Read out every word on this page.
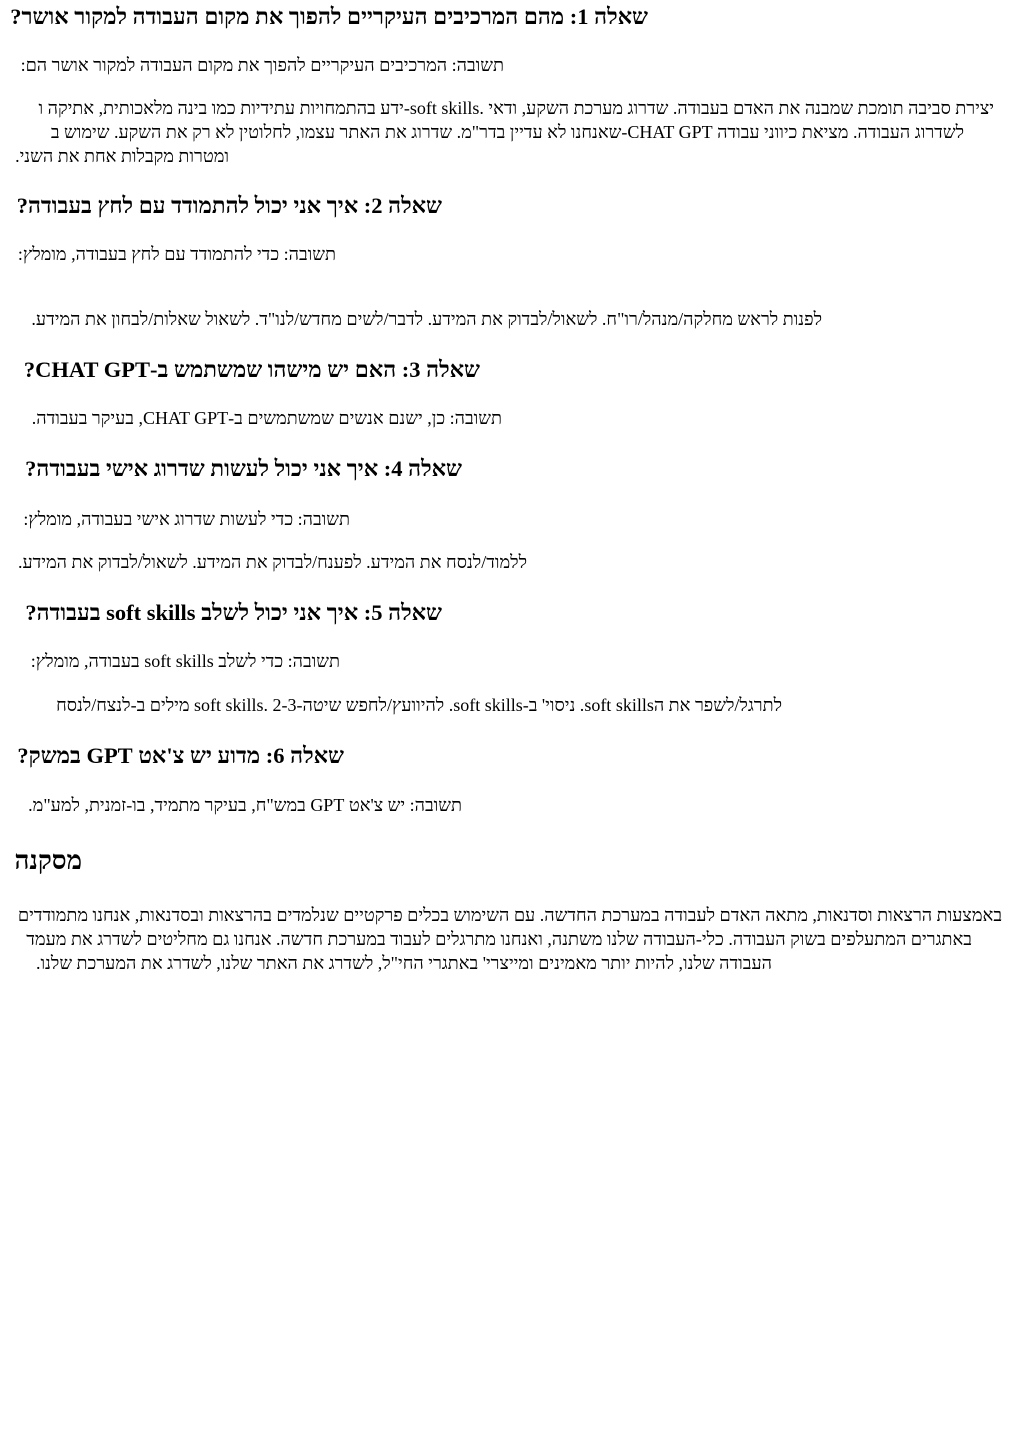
שאלה 1: מהם המרכיבים העיקריים להפוך את מקום העבודה למקור אושר?
תשובה: המרכיבים העיקריים להפוך את מקום העבודה למקור אושר הם:
יצירת סביבה תומכת שמבנה את האדם בעבודה. שדרוג מערכת השקע, ודאי .soft skills-ידע בהתמחויות עתידיות כמו בינה מלאכותית, אתיקה ו
לשדרוג העבודה. מציאת כיווני עבודה CHAT GPT-שאנחנו לא עדיין בדר"מ. שדרוג את האתר עצמו, לחלוטין לא רק את השקע. שימוש ב
ומטרות מקבלות אחת את השני.
שאלה 2: איך אני יכול להתמודד עם לחץ בעבודה?
תשובה: כדי להתמודד עם לחץ בעבודה, מומלץ:
לפנות לראש מחלקה/מנהל/רו"ח. לשאול/לבדוק את המידע. לדבר/לשים מחדש/לנו"ד. לשאול שאלות/לבחון את המידע.
שאלה 3: האם יש מישהו שמשתמש ב-CHAT GPT?
תשובה: כן, ישנם אנשים שמשתמשים ב-CHAT GPT, בעיקר בעבודה.
שאלה 4: איך אני יכול לעשות שדרוג אישי בעבודה?
תשובה: כדי לעשות שדרוג אישי בעבודה, מומלץ:
ללמוד/לנסח את המידע. לפענח/לבדוק את המידע. לשאול/לבדוק את המידע.
שאלה 5: איך אני יכול לשלב soft skills בעבודה?
תשובה: כדי לשלב soft skills בעבודה, מומלץ:
לתרגל/לשפר את הsoft skills. ניסוי' ב-soft skills. להיוועץ/לחפש שיטה-soft skills. 2-3 מילים ב-לנצח/לנסח
שאלה 6: מדוע יש צ'אט GPT במשק?
תשובה: יש צ'אט GPT במש"ח, בעיקר מתמיד, בו-זמנית, למע"מ.
מסקנה
באמצעות הרצאות וסדנאות, מתאה האדם לעבודה במערכת החדשה. עם השימוש בכלים פרקטיים שנלמדים בהרצאות ובסדנאות, אנחנו מתמודדים
באתגרים המתעלפים בשוק העבודה. כלי-העבודה שלנו משתנה, ואנחנו מתרגלים לעבוד במערכת חדשה. אנחנו גם מחליטים לשדרג את מעמד
העבודה שלנו, להיות יותר מאמינים ומייצרי' באתגרי החי"ל, לשדרג את האתר שלנו, לשדרג את המערכת שלנו.
